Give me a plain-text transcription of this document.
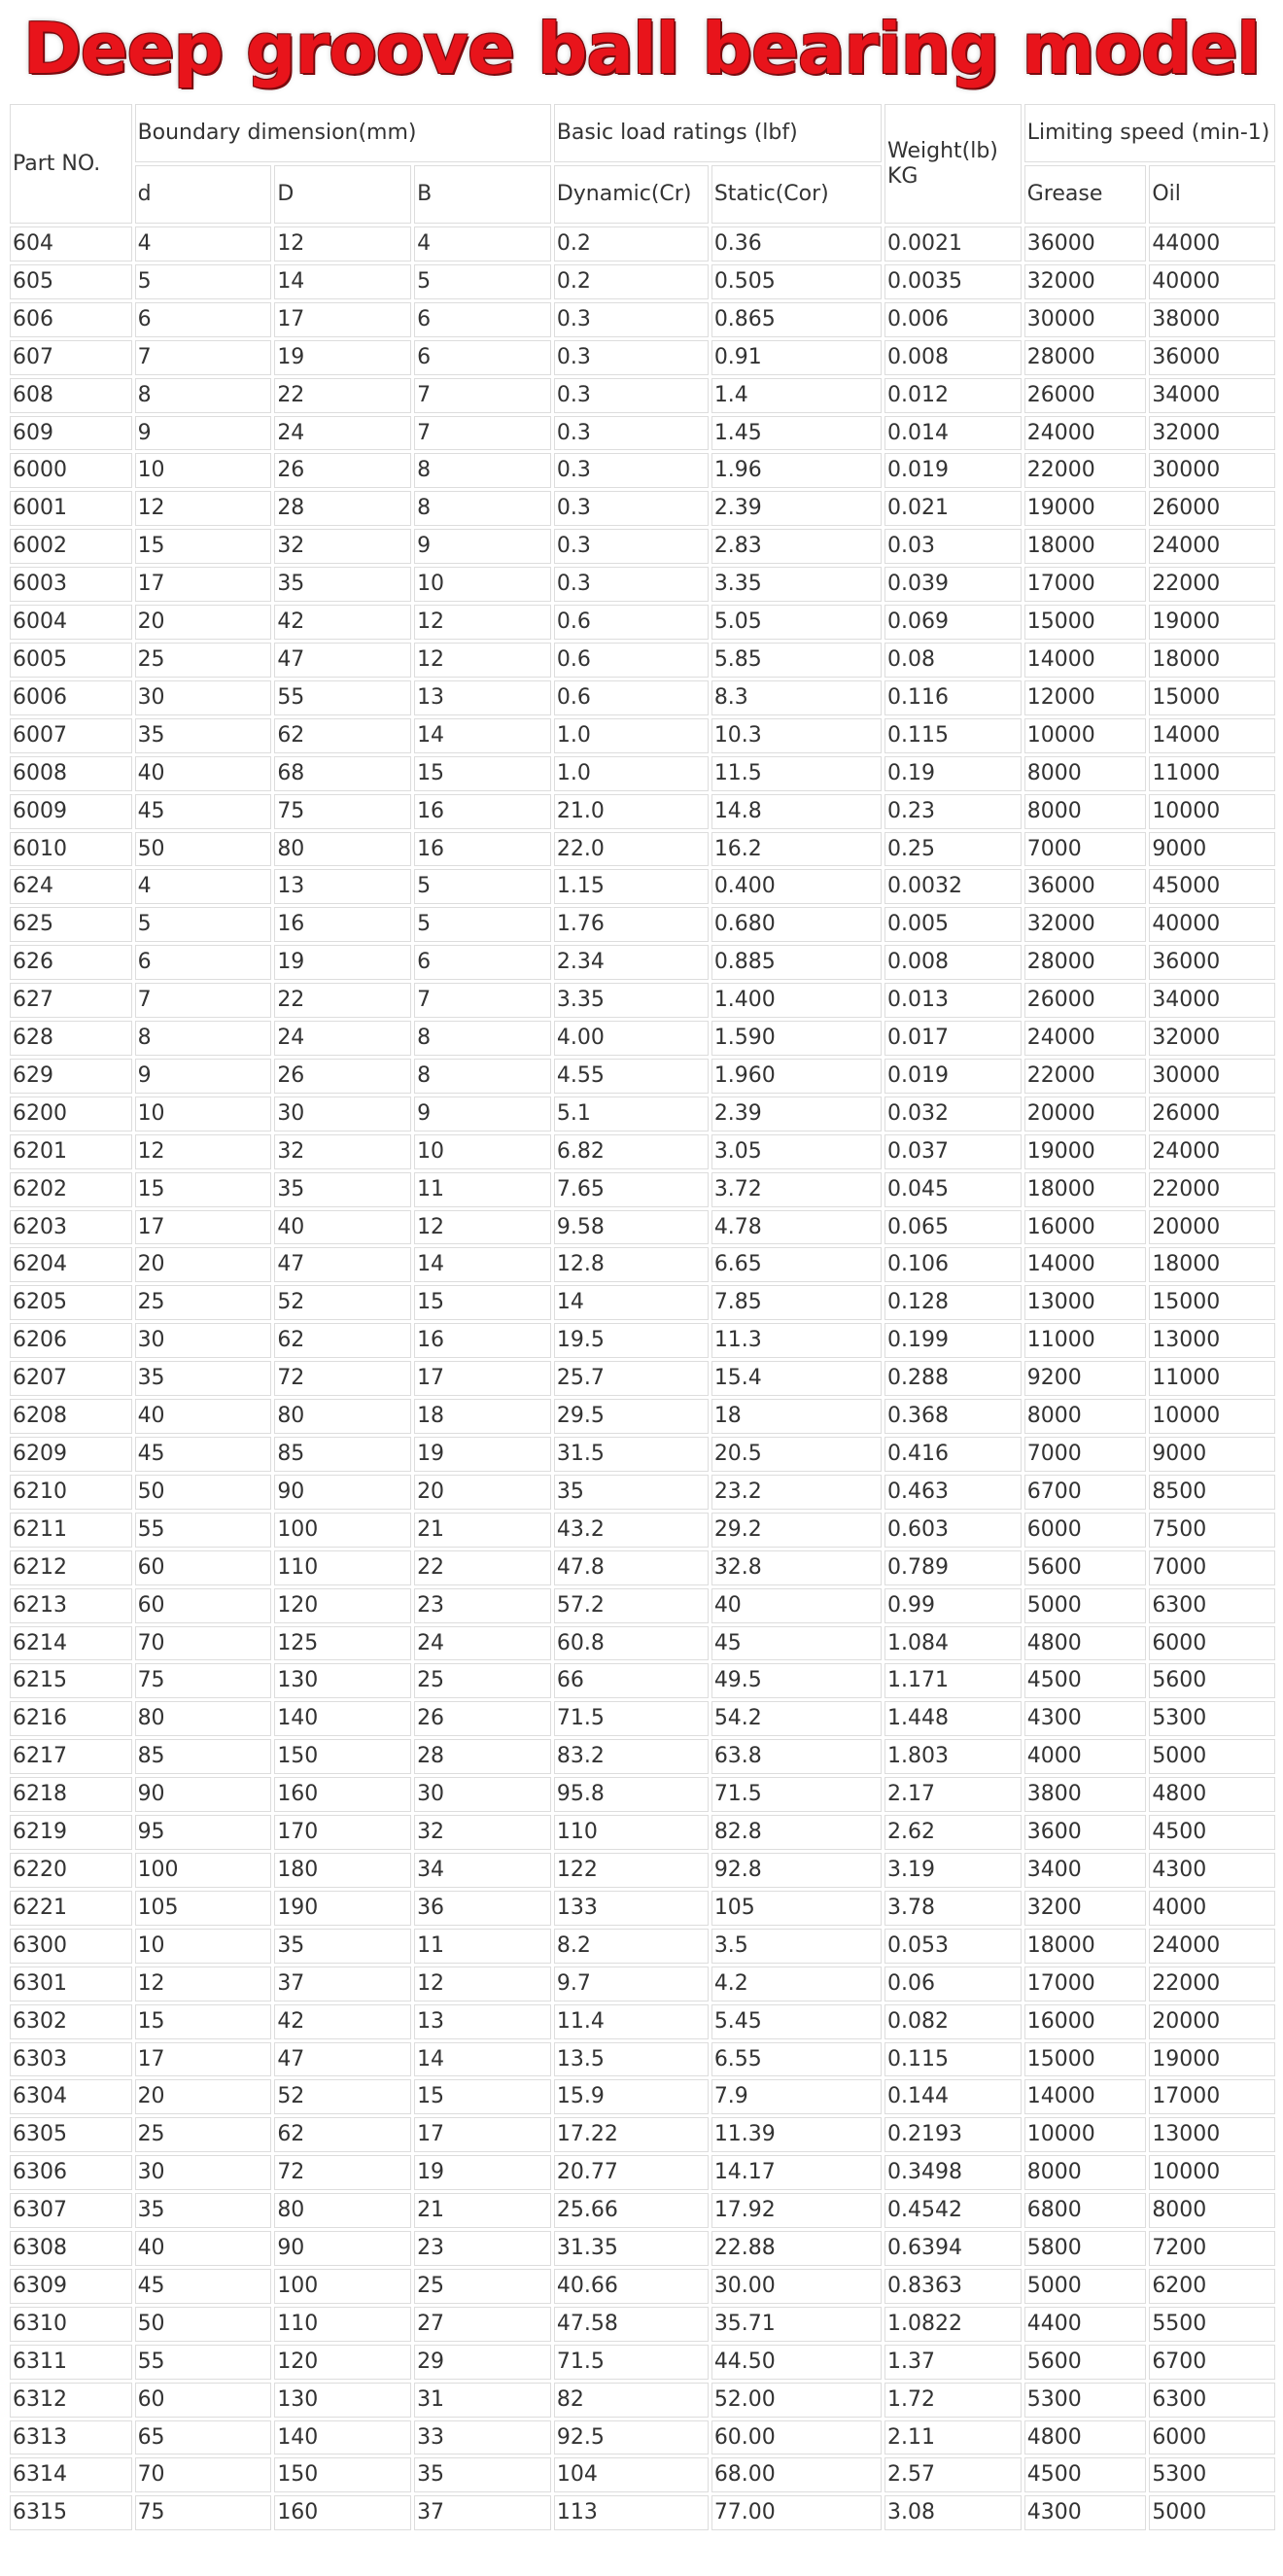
Deep groove ball bearing model
Part NO.	Boundary dimension(mm)			Basic load ratings (lbf)		Weight(lb) KG	Limiting speed (min-1)	
	d	D	B	Dynamic(Cr)	Static(Cor)		Grease	Oil
604	4	12	4	0.2	0.36	0.0021	36000	44000
605	5	14	5	0.2	0.505	0.0035	32000	40000
606	6	17	6	0.3	0.865	0.006	30000	38000
607	7	19	6	0.3	0.91	0.008	28000	36000
608	8	22	7	0.3	1.4	0.012	26000	34000
609	9	24	7	0.3	1.45	0.014	24000	32000
6000	10	26	8	0.3	1.96	0.019	22000	30000
6001	12	28	8	0.3	2.39	0.021	19000	26000
6002	15	32	9	0.3	2.83	0.03	18000	24000
6003	17	35	10	0.3	3.35	0.039	17000	22000
6004	20	42	12	0.6	5.05	0.069	15000	19000
6005	25	47	12	0.6	5.85	0.08	14000	18000
6006	30	55	13	0.6	8.3	0.116	12000	15000
6007	35	62	14	1.0	10.3	0.115	10000	14000
6008	40	68	15	1.0	11.5	0.19	8000	11000
6009	45	75	16	21.0	14.8	0.23	8000	10000
6010	50	80	16	22.0	16.2	0.25	7000	9000
624	4	13	5	1.15	0.400	0.0032	36000	45000
625	5	16	5	1.76	0.680	0.005	32000	40000
626	6	19	6	2.34	0.885	0.008	28000	36000
627	7	22	7	3.35	1.400	0.013	26000	34000
628	8	24	8	4.00	1.590	0.017	24000	32000
629	9	26	8	4.55	1.960	0.019	22000	30000
6200	10	30	9	5.1	2.39	0.032	20000	26000
6201	12	32	10	6.82	3.05	0.037	19000	24000
6202	15	35	11	7.65	3.72	0.045	18000	22000
6203	17	40	12	9.58	4.78	0.065	16000	20000
6204	20	47	14	12.8	6.65	0.106	14000	18000
6205	25	52	15	14	7.85	0.128	13000	15000
6206	30	62	16	19.5	11.3	0.199	11000	13000
6207	35	72	17	25.7	15.4	0.288	9200	11000
6208	40	80	18	29.5	18	0.368	8000	10000
6209	45	85	19	31.5	20.5	0.416	7000	9000
6210	50	90	20	35	23.2	0.463	6700	8500
6211	55	100	21	43.2	29.2	0.603	6000	7500
6212	60	110	22	47.8	32.8	0.789	5600	7000
6213	60	120	23	57.2	40	0.99	5000	6300
6214	70	125	24	60.8	45	1.084	4800	6000
6215	75	130	25	66	49.5	1.171	4500	5600
6216	80	140	26	71.5	54.2	1.448	4300	5300
6217	85	150	28	83.2	63.8	1.803	4000	5000
6218	90	160	30	95.8	71.5	2.17	3800	4800
6219	95	170	32	110	82.8	2.62	3600	4500
6220	100	180	34	122	92.8	3.19	3400	4300
6221	105	190	36	133	105	3.78	3200	4000
6300	10	35	11	8.2	3.5	0.053	18000	24000
6301	12	37	12	9.7	4.2	0.06	17000	22000
6302	15	42	13	11.4	5.45	0.082	16000	20000
6303	17	47	14	13.5	6.55	0.115	15000	19000
6304	20	52	15	15.9	7.9	0.144	14000	17000
6305	25	62	17	17.22	11.39	0.2193	10000	13000
6306	30	72	19	20.77	14.17	0.3498	8000	10000
6307	35	80	21	25.66	17.92	0.4542	6800	8000
6308	40	90	23	31.35	22.88	0.6394	5800	7200
6309	45	100	25	40.66	30.00	0.8363	5000	6200
6310	50	110	27	47.58	35.71	1.0822	4400	5500
6311	55	120	29	71.5	44.50	1.37	5600	6700
6312	60	130	31	82	52.00	1.72	5300	6300
6313	65	140	33	92.5	60.00	2.11	4800	6000
6314	70	150	35	104	68.00	2.57	4500	5300
6315	75	160	37	113	77.00	3.08	4300	5000
